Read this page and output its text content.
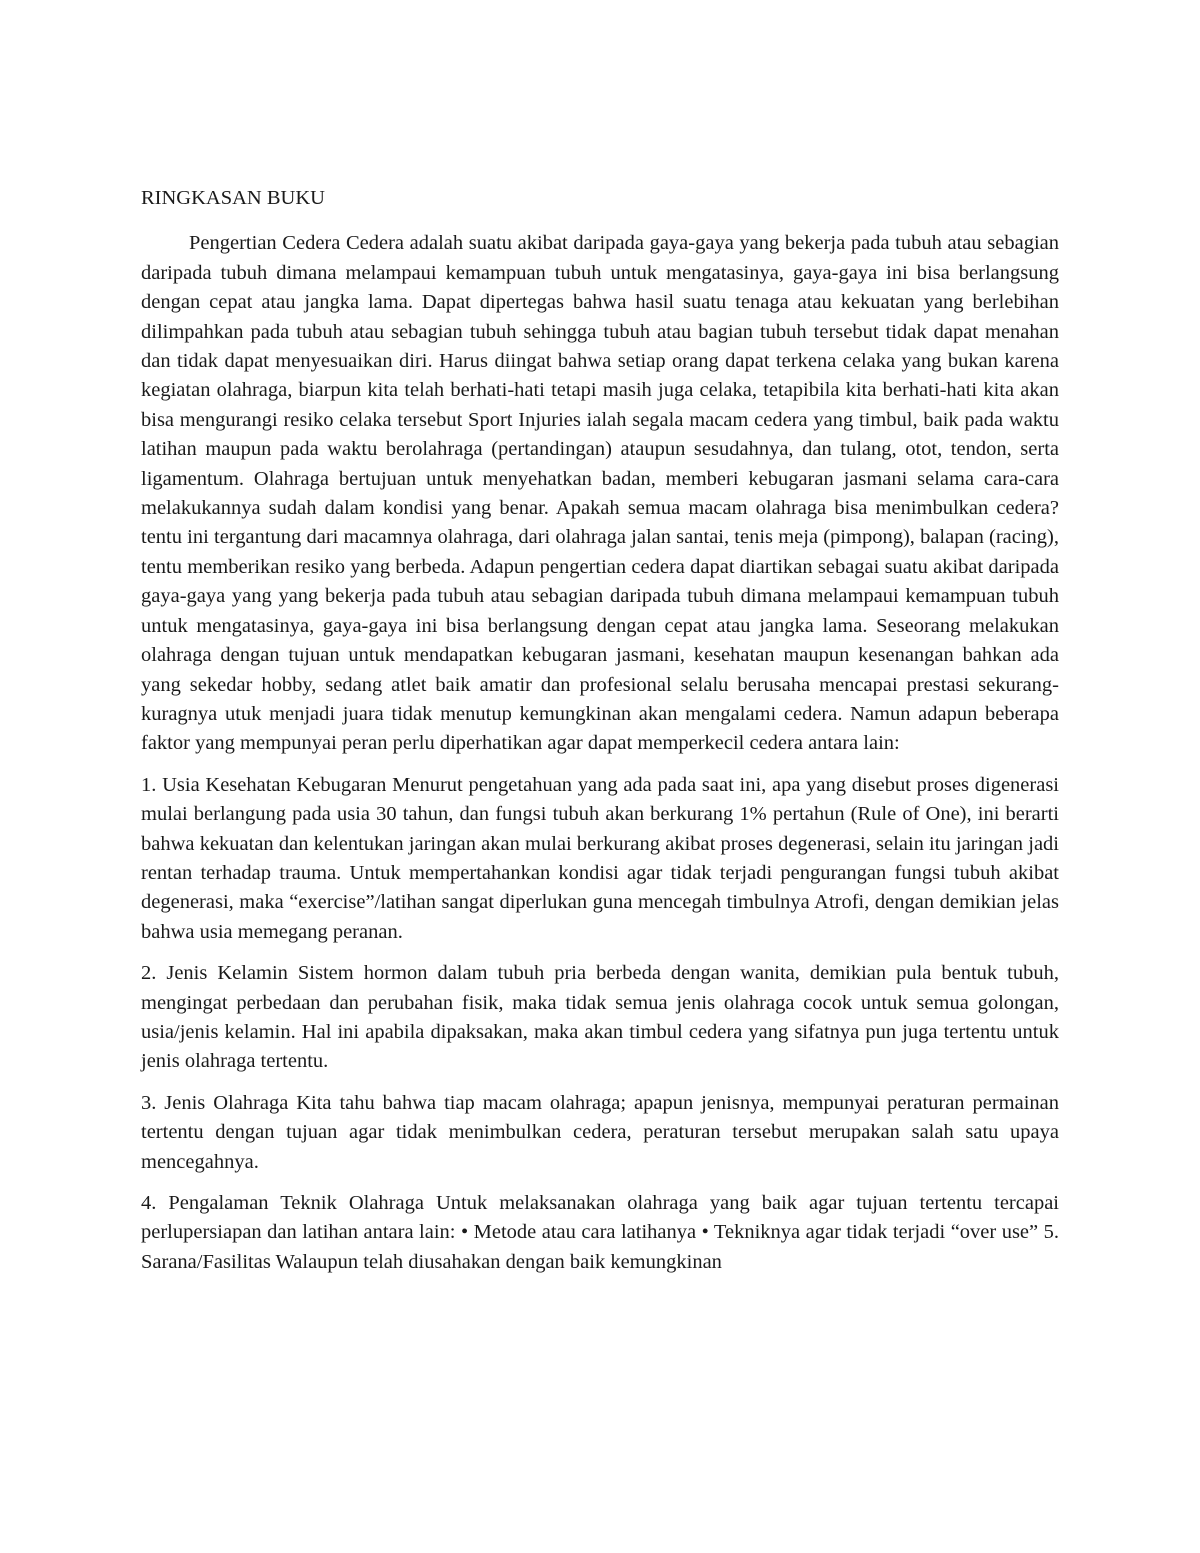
RINGKASAN BUKU

Pengertian Cedera Cedera adalah suatu akibat daripada gaya-gaya yang bekerja pada tubuh atau sebagian daripada tubuh dimana melampaui kemampuan tubuh untuk mengatasinya, gaya-gaya ini bisa berlangsung dengan cepat atau jangka lama. Dapat dipertegas bahwa hasil suatu tenaga atau kekuatan yang berlebihan dilimpahkan pada tubuh atau sebagian tubuh sehingga tubuh atau bagian tubuh tersebut tidak dapat menahan dan tidak dapat menyesuaikan diri. Harus diingat bahwa setiap orang dapat terkena celaka yang bukan karena kegiatan olahraga, biarpun kita telah berhati-hati tetapi masih juga celaka, tetapibila kita berhati-hati kita akan bisa mengurangi resiko celaka tersebut Sport Injuries ialah segala macam cedera yang timbul, baik pada waktu latihan maupun pada waktu berolahraga (pertandingan) ataupun sesudahnya, dan tulang, otot, tendon, serta ligamentum. Olahraga bertujuan untuk menyehatkan badan, memberi kebugaran jasmani selama cara-cara melakukannya sudah dalam kondisi yang benar. Apakah semua macam olahraga bisa menimbulkan cedera? tentu ini tergantung dari macamnya olahraga, dari olahraga jalan santai, tenis meja (pimpong), balapan (racing), tentu memberikan resiko yang berbeda. Adapun pengertian cedera dapat diartikan sebagai suatu akibat daripada gaya-gaya yang yang bekerja pada tubuh atau sebagian daripada tubuh dimana melampaui kemampuan tubuh untuk mengatasinya, gaya-gaya ini bisa berlangsung dengan cepat atau jangka lama. Seseorang melakukan olahraga dengan tujuan untuk mendapatkan kebugaran jasmani, kesehatan maupun kesenangan bahkan ada yang sekedar hobby, sedang atlet baik amatir dan profesional selalu berusaha mencapai prestasi sekurang-kuragnya utuk menjadi juara tidak menutup kemungkinan akan mengalami cedera. Namun adapun beberapa faktor yang mempunyai peran perlu diperhatikan agar dapat memperkecil cedera antara lain:

1. Usia Kesehatan Kebugaran Menurut pengetahuan yang ada pada saat ini, apa yang disebut proses digenerasi mulai berlangung pada usia 30 tahun, dan fungsi tubuh akan berkurang 1% pertahun (Rule of One), ini berarti bahwa kekuatan dan kelentukan jaringan akan mulai berkurang akibat proses degenerasi, selain itu jaringan jadi rentan terhadap trauma. Untuk mempertahankan kondisi agar tidak terjadi pengurangan fungsi tubuh akibat degenerasi, maka “exercise”/latihan sangat diperlukan guna mencegah timbulnya Atrofi, dengan demikian jelas bahwa usia memegang peranan.

2. Jenis Kelamin Sistem hormon dalam tubuh pria berbeda dengan wanita, demikian pula bentuk tubuh, mengingat perbedaan dan perubahan fisik, maka tidak semua jenis olahraga cocok untuk semua golongan, usia/jenis kelamin. Hal ini apabila dipaksakan, maka akan timbul cedera yang sifatnya pun juga tertentu untuk jenis olahraga tertentu.

3. Jenis Olahraga Kita tahu bahwa tiap macam olahraga; apapun jenisnya, mempunyai peraturan permainan tertentu dengan tujuan agar tidak menimbulkan cedera, peraturan tersebut merupakan salah satu upaya mencegahnya.

4. Pengalaman Teknik Olahraga Untuk melaksanakan olahraga yang baik agar tujuan tertentu tercapai perlupersiapan dan latihan antara lain: • Metode atau cara latihanya • Tekniknya agar tidak terjadi “over use” 5. Sarana/Fasilitas Walaupun telah diusahakan dengan baik kemungkinan
